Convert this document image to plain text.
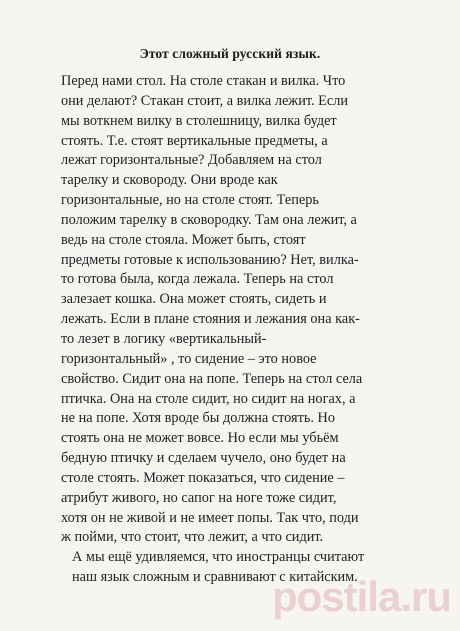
Этот сложный русский язык.
Перед нами стол. На столе стакан и вилка. Что
они делают? Стакан стоит, а вилка лежит. Если
мы воткнем вилку в столешницу, вилка будет
стоять. Т.е. стоят вертикальные предметы, а
лежат горизонтальные? Добавляем на стол
тарелку и сковороду. Они вроде как
горизонтальные, но на столе стоят. Теперь
положим тарелку в сковородку. Там она лежит, а
ведь на столе стояла. Может быть, стоят
предметы готовые к использованию? Нет, вилка-
то готова была, когда лежала. Теперь на стол
залезает кошка. Она может стоять, сидеть и
лежать. Если в плане стояния и лежания она как-
то лезет в логику «вертикальный-
горизонтальный» , то сидение – это новое
свойство. Сидит она на попе. Теперь на стол села
птичка. Она на столе сидит, но сидит на ногах, а
не на попе. Хотя вроде бы должна стоять. Но
стоять она не может вовсе. Но если мы убьём
бедную птичку и сделаем чучело, оно будет на
столе стоять. Может показаться, что сидение –
атрибут живого, но сапог на ноге тоже сидит,
хотя он не живой и не имеет попы. Так что, поди
ж пойми, что стоит, что лежит, а что сидит.
А мы ещё удивляемся, что иностранцы считают
наш язык сложным и сравнивают с китайским.
postila.ru
